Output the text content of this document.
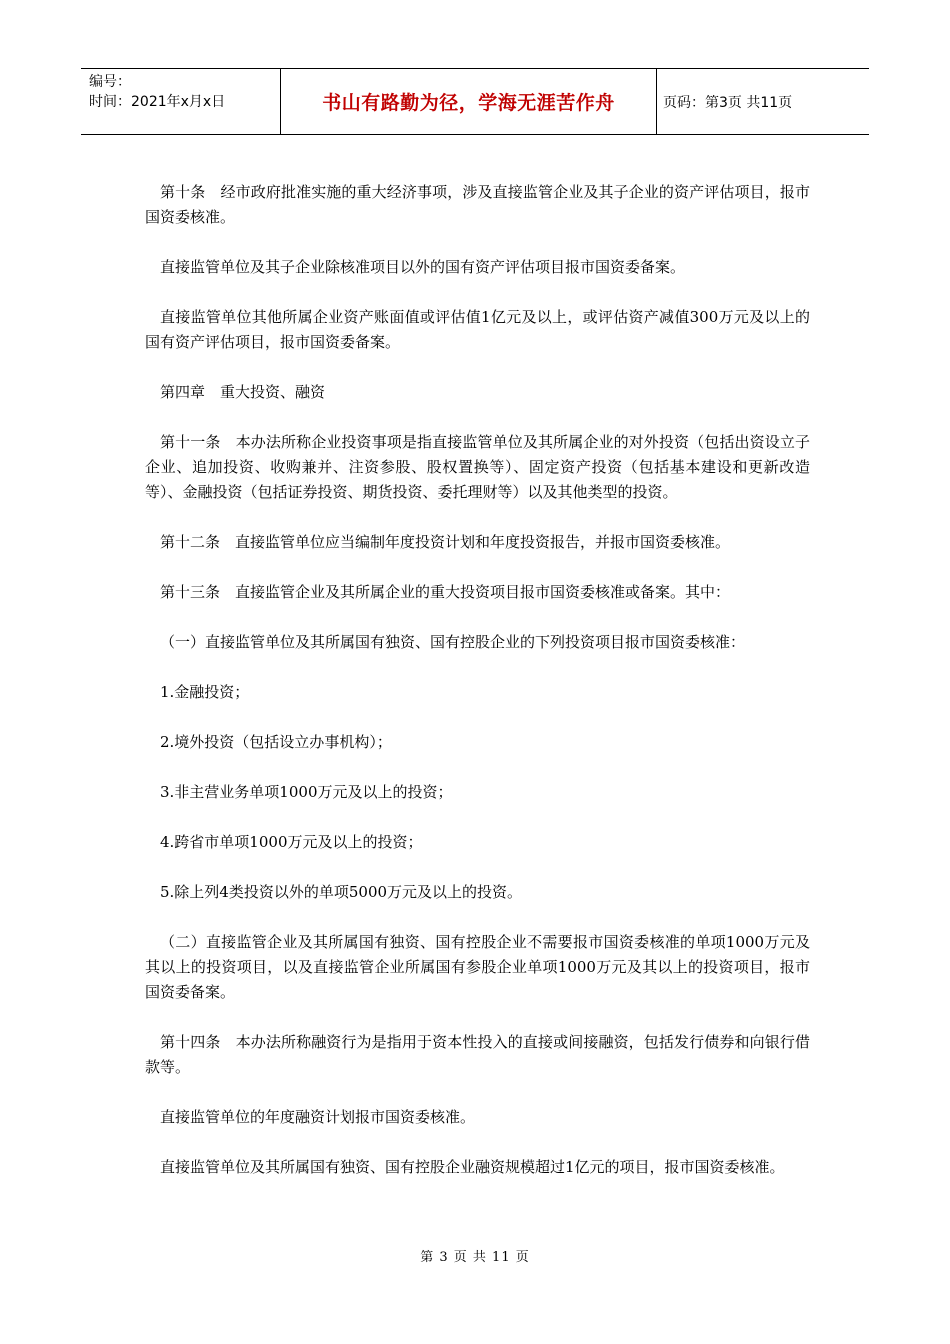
编号：
时间：2021年x月x日	书山有路勤为径，学海无涯苦作舟	页码：第3页 共11页

第十条　经市政府批准实施的重大经济事项，涉及直接监管企业及其子企业的资产评估项目，报市国资委核准。

直接监管单位及其子企业除核准项目以外的国有资产评估项目报市国资委备案。

直接监管单位其他所属企业资产账面值或评估值1亿元及以上，或评估资产减值300万元及以上的国有资产评估项目，报市国资委备案。

第四章　重大投资、融资

第十一条　本办法所称企业投资事项是指直接监管单位及其所属企业的对外投资（包括出资设立子企业、追加投资、收购兼并、注资参股、股权置换等）、固定资产投资（包括基本建设和更新改造等）、金融投资（包括证券投资、期货投资、委托理财等）以及其他类型的投资。

第十二条　直接监管单位应当编制年度投资计划和年度投资报告，并报市国资委核准。

第十三条　直接监管企业及其所属企业的重大投资项目报市国资委核准或备案。其中：

（一）直接监管单位及其所属国有独资、国有控股企业的下列投资项目报市国资委核准：

1.金融投资；

2.境外投资（包括设立办事机构）；

3.非主营业务单项1000万元及以上的投资；

4.跨省市单项1000万元及以上的投资；

5.除上列4类投资以外的单项5000万元及以上的投资。

（二）直接监管企业及其所属国有独资、国有控股企业不需要报市国资委核准的单项1000万元及其以上的投资项目，以及直接监管企业所属国有参股企业单项1000万元及其以上的投资项目，报市国资委备案。

第十四条　本办法所称融资行为是指用于资本性投入的直接或间接融资，包括发行债券和向银行借款等。

直接监管单位的年度融资计划报市国资委核准。

直接监管单位及其所属国有独资、国有控股企业融资规模超过1亿元的项目，报市国资委核准。

第 3 页 共 11 页
